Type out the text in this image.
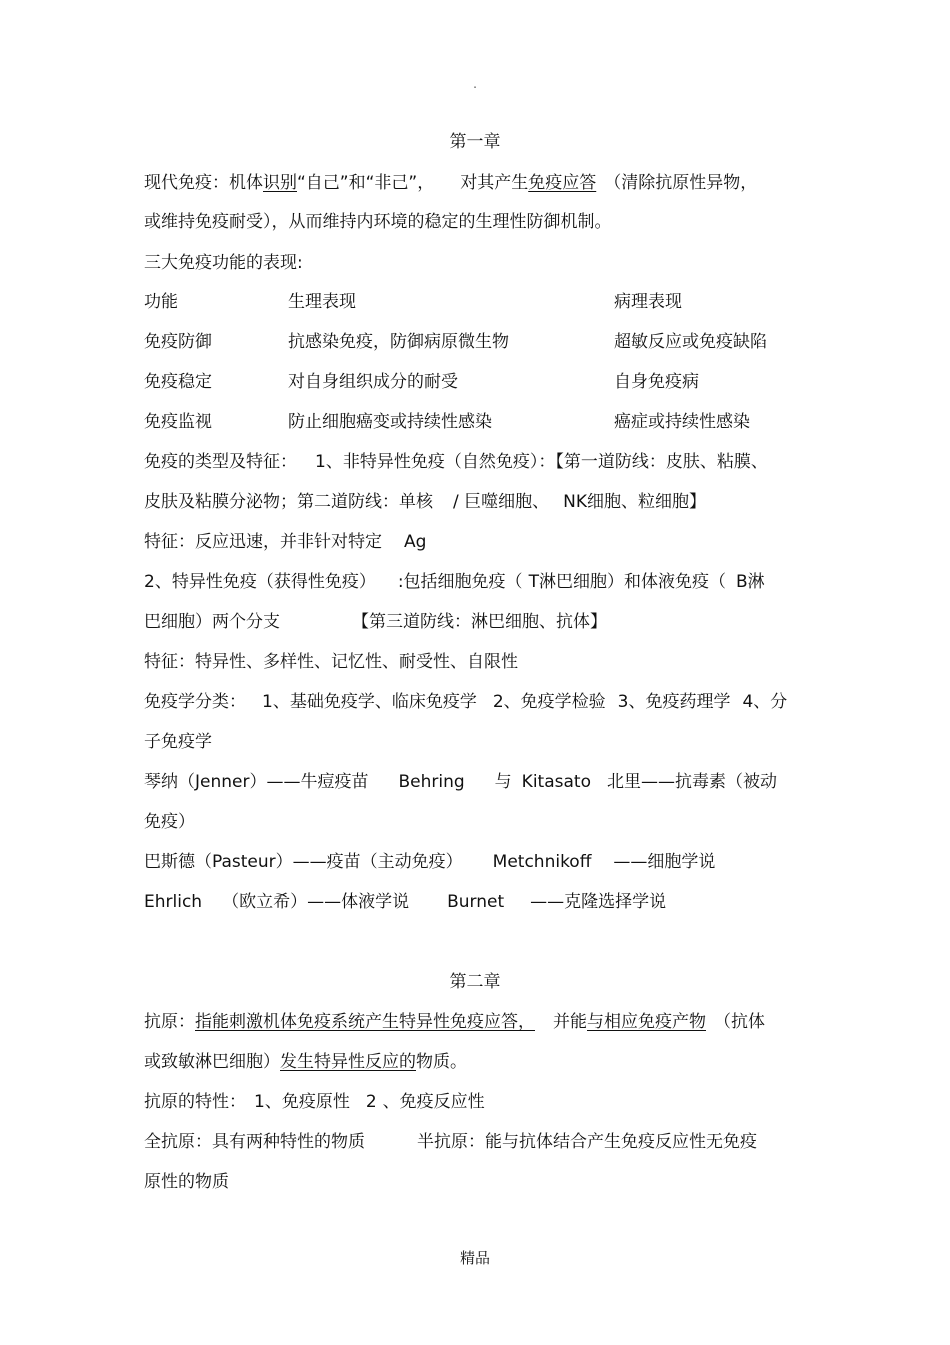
.
第一章
现代免疫：机体识别“自己”和“非己”， 对其产生免疫应答 （清除抗原性异物，
或维持免疫耐受），从而维持内环境的稳定的生理性防御机制。
三大免疫功能的表现:
功能	生理表现	病理表现
免疫防御	抗感染免疫，防御病原微生物	超敏反应或免疫缺陷
免疫稳定	对自身组织成分的耐受	自身免疫病
免疫监视	防止细胞癌变或持续性感染	癌症或持续性感染
免疫的类型及特征： 1、非特异性免疫（自然免疫）：【第一道防线：皮肤、粘膜、
皮肤及粘膜分泌物；第二道防线：单核 / 巨噬细胞、 NK细胞、粒细胞】
特征：反应迅速，并非针对特定 Ag
2、特异性免疫（获得性免疫） :包括细胞免疫（ T淋巴细胞）和体液免疫（ B淋
巴细胞）两个分支	【第三道防线：淋巴细胞、抗体】
特征：特异性、多样性、记忆性、耐受性、自限性
免疫学分类： 1、基础免疫学、临床免疫学 2、免疫学检验 3、免疫药理学 4、分
子免疫学
琴纳（Jenner）——牛痘疫苗 Behring 与 Kitasato 北里——抗毒素（被动
免疫）
巴斯德（Pasteur）——疫苗（主动免疫） Metchnikoff ——细胞学说
Ehrlich （欧立希）——体液学说 Burnet ——克隆选择学说
第二章
抗原：指能刺激机体免疫系统产生特异性免疫应答， 并能与相应免疫产物 （抗体
或致敏淋巴细胞）发生特异性反应的物质。
抗原的特性： 1、免疫原性 2 、免疫反应性
全抗原：具有两种特性的物质	半抗原：能与抗体结合产生免疫反应性无免疫
原性的物质
精品
